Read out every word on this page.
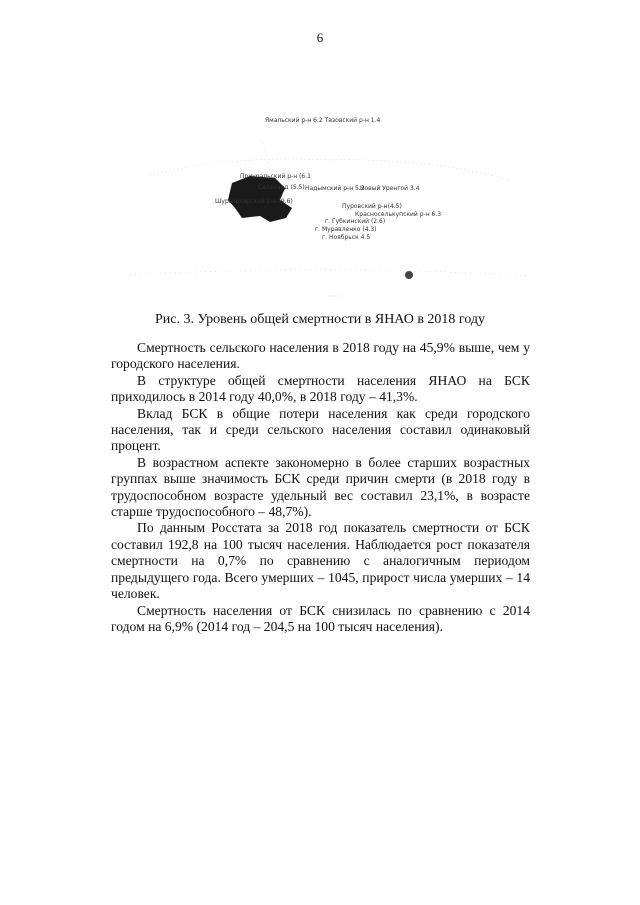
6
Ямальский р-н 6.2 Тазовский р-н 1.4
Приуральский р-н (6.1
Салехард (5.5) Надымский р-н 5.2
Новый Уренгой 3.4
Шурышкарский р-н (9.6)
Пуровский р-н(4.5)
Красноселькупский р-н 6.3
г. Губкинский (2.6)
г. Муравленко (4.3)
г. Ноябрьск 4.5
Рис. 3. Уровень общей смертности в ЯНАО в 2018 году

Смертность сельского населения в 2018 году на 45,9% выше, чем у городского населения.

В структуре общей смертности населения ЯНАО на БСК приходилось в 2014 году 40,0%, в 2018 году – 41,3%.

Вклад БСК в общие потери населения как среди городского населения, так и среди сельского населения составил одинаковый процент.

В возрастном аспекте закономерно в более старших возрастных группах выше значимость БСК среди причин смерти (в 2018 году в трудоспособном возрасте удельный вес составил 23,1%, в возрасте старше трудоспособного – 48,7%).

По данным Росстата за 2018 год показатель смертности от БСК составил 192,8 на 100 тысяч населения. Наблюдается рост показателя смертности на 0,7% по сравнению с аналогичным периодом предыдущего года. Всего умерших – 1045, прирост числа умерших – 14 человек.

Смертность населения от БСК снизилась по сравнению с 2014 годом на 6,9% (2014 год – 204,5 на 100 тысяч населения).
